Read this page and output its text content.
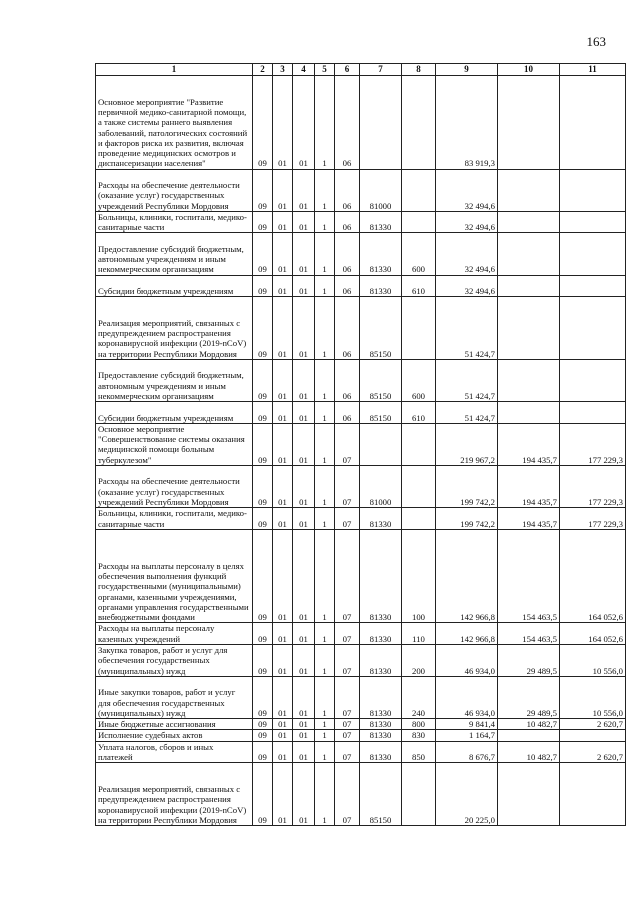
163
1	2	3	4	5	6	7	8	9	10	11
Основное мероприятие "Развитие первичной медико-санитарной помощи, а также системы раннего выявления заболеваний, патологических состояний и факторов риска их развития, включая проведение медицинских осмотров и диспансеризации населения"	09	01	01	1	06			83 919,3		
Расходы на обеспечение деятельности (оказание услуг) государственных учреждений Республики Мордовия	09	01	01	1	06	81000		32 494,6		
Больницы, клиники, госпитали, медико-санитарные части	09	01	01	1	06	81330		32 494,6		
Предоставление субсидий бюджетным, автономным учреждениям и иным некоммерческим организациям	09	01	01	1	06	81330	600	32 494,6		
Субсидии бюджетным учреждениям	09	01	01	1	06	81330	610	32 494,6		
Реализация мероприятий, связанных с предупреждением распространения коронавирусной инфекции (2019-nCoV) на территории Республики Мордовия	09	01	01	1	06	85150		51 424,7		
Предоставление субсидий бюджетным, автономным учреждениям и иным некоммерческим организациям	09	01	01	1	06	85150	600	51 424,7		
Субсидии бюджетным учреждениям	09	01	01	1	06	85150	610	51 424,7		
Основное мероприятие "Совершенствование системы оказания медицинской помощи больным туберкулезом"	09	01	01	1	07			219 967,2	194 435,7	177 229,3
Расходы на обеспечение деятельности (оказание услуг) государственных учреждений Республики Мордовия	09	01	01	1	07	81000		199 742,2	194 435,7	177 229,3
Больницы, клиники, госпитали, медико-санитарные части	09	01	01	1	07	81330		199 742,2	194 435,7	177 229,3
Расходы на выплаты персоналу в целях обеспечения выполнения функций государственными (муниципальными) органами, казенными учреждениями, органами управления государственными внебюджетными фондами	09	01	01	1	07	81330	100	142 966,8	154 463,5	164 052,6
Расходы на выплаты персоналу казенных учреждений	09	01	01	1	07	81330	110	142 966,8	154 463,5	164 052,6
Закупка товаров, работ и услуг для обеспечения государственных (муниципальных) нужд	09	01	01	1	07	81330	200	46 934,0	29 489,5	10 556,0
Иные закупки товаров, работ и услуг для обеспечения государственных (муниципальных) нужд	09	01	01	1	07	81330	240	46 934,0	29 489,5	10 556,0
Иные бюджетные ассигнования	09	01	01	1	07	81330	800	9 841,4	10 482,7	2 620,7
Исполнение судебных актов	09	01	01	1	07	81330	830	1 164,7		
Уплата налогов, сборов и иных платежей	09	01	01	1	07	81330	850	8 676,7	10 482,7	2 620,7
Реализация мероприятий, связанных с предупреждением распространения коронавирусной инфекции (2019-nCoV) на территории Республики Мордовия	09	01	01	1	07	85150		20 225,0		
